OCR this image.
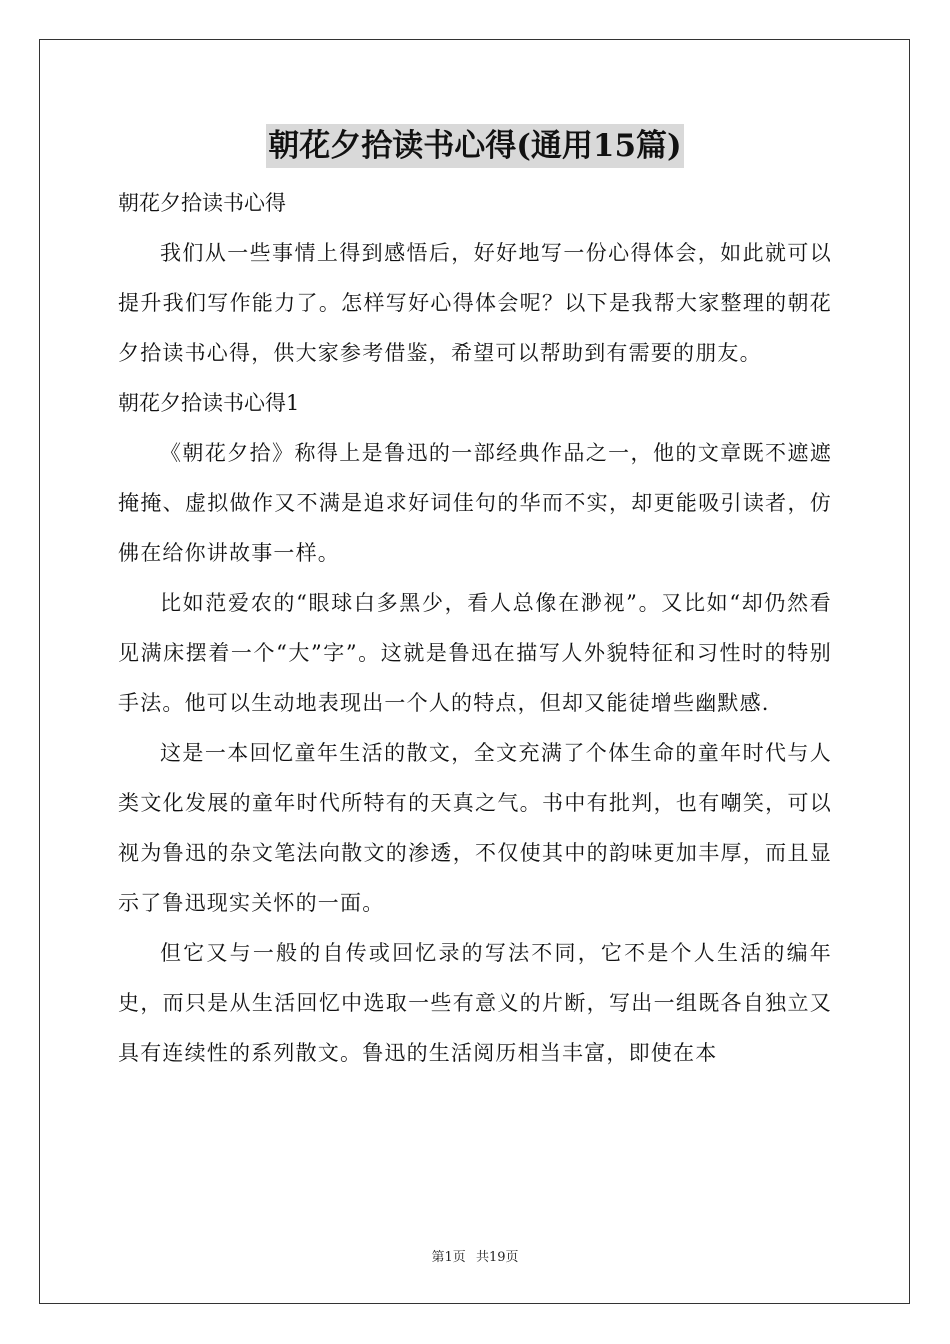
朝花夕拾读书心得(通用15篇)

朝花夕拾读书心得

我们从一些事情上得到感悟后，好好地写一份心得体会，如此就可以提升我们写作能力了。怎样写好心得体会呢？以下是我帮大家整理的朝花夕拾读书心得，供大家参考借鉴，希望可以帮助到有需要的朋友。

朝花夕拾读书心得1

《朝花夕拾》称得上是鲁迅的一部经典作品之一，他的文章既不遮遮掩掩、虚拟做作又不满是追求好词佳句的华而不实，却更能吸引读者，仿佛在给你讲故事一样。

比如范爱农的“眼球白多黑少，看人总像在渺视”。又比如“却仍然看见满床摆着一个“大”字”。这就是鲁迅在描写人外貌特征和习性时的特别手法。他可以生动地表现出一个人的特点，但却又能徒增些幽默感.

这是一本回忆童年生活的散文，全文充满了个体生命的童年时代与人类文化发展的童年时代所特有的天真之气。书中有批判，也有嘲笑，可以视为鲁迅的杂文笔法向散文的渗透，不仅使其中的韵味更加丰厚，而且显示了鲁迅现实关怀的一面。

但它又与一般的自传或回忆录的写法不同，它不是个人生活的编年史，而只是从生活回忆中选取一些有意义的片断，写出一组既各自独立又具有连续性的系列散文。鲁迅的生活阅历相当丰富，即使在本

第1页 共19页
